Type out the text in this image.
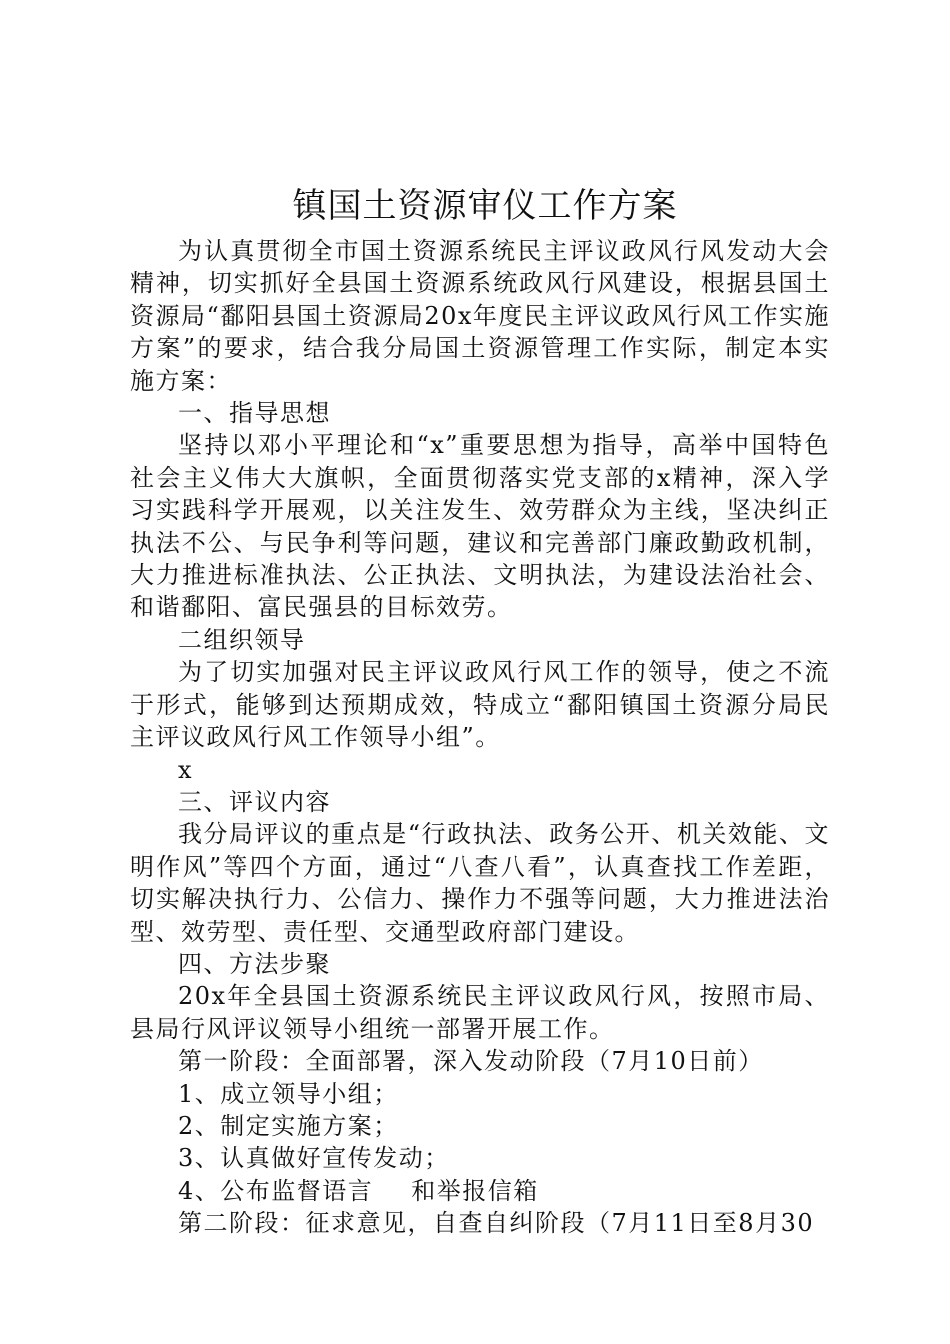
镇国土资源审仪工作方案

为认真贯彻全市国土资源系统民主评议政风行风发动大会精神，切实抓好全县国土资源系统政风行风建设，根据县国土资源局“鄱阳县国土资源局20x年度民主评议政风行风工作实施方案”的要求，结合我分局国土资源管理工作实际，制定本实施方案：

一、指导思想

坚持以邓小平理论和“x”重要思想为指导，高举中国特色社会主义伟大大旗帜，全面贯彻落实党支部的x精神，深入学习实践科学开展观，以关注发生、效劳群众为主线，坚决纠正执法不公、与民争利等问题，建议和完善部门廉政勤政机制，大力推进标准执法、公正执法、文明执法，为建设法治社会、和谐鄱阳、富民强县的目标效劳。

二组织领导

为了切实加强对民主评议政风行风工作的领导，使之不流于形式，能够到达预期成效，特成立“鄱阳镇国土资源分局民主评议政风行风工作领导小组”。

x

三、评议内容

我分局评议的重点是“行政执法、政务公开、机关效能、文明作风”等四个方面，通过“八查八看”，认真查找工作差距，切实解决执行力、公信力、操作力不强等问题，大力推进法治型、效劳型、责任型、交通型政府部门建设。

四、方法步聚

20x年全县国土资源系统民主评议政风行风，按照市局、县局行风评议领导小组统一部署开展工作。

第一阶段：全面部署，深入发动阶段（7月10日前）

1、成立领导小组；

2、制定实施方案；

3、认真做好宣传发动；

4、公布监督语言 和举报信箱

第二阶段：征求意见，自查自纠阶段（7月11日至8月30
